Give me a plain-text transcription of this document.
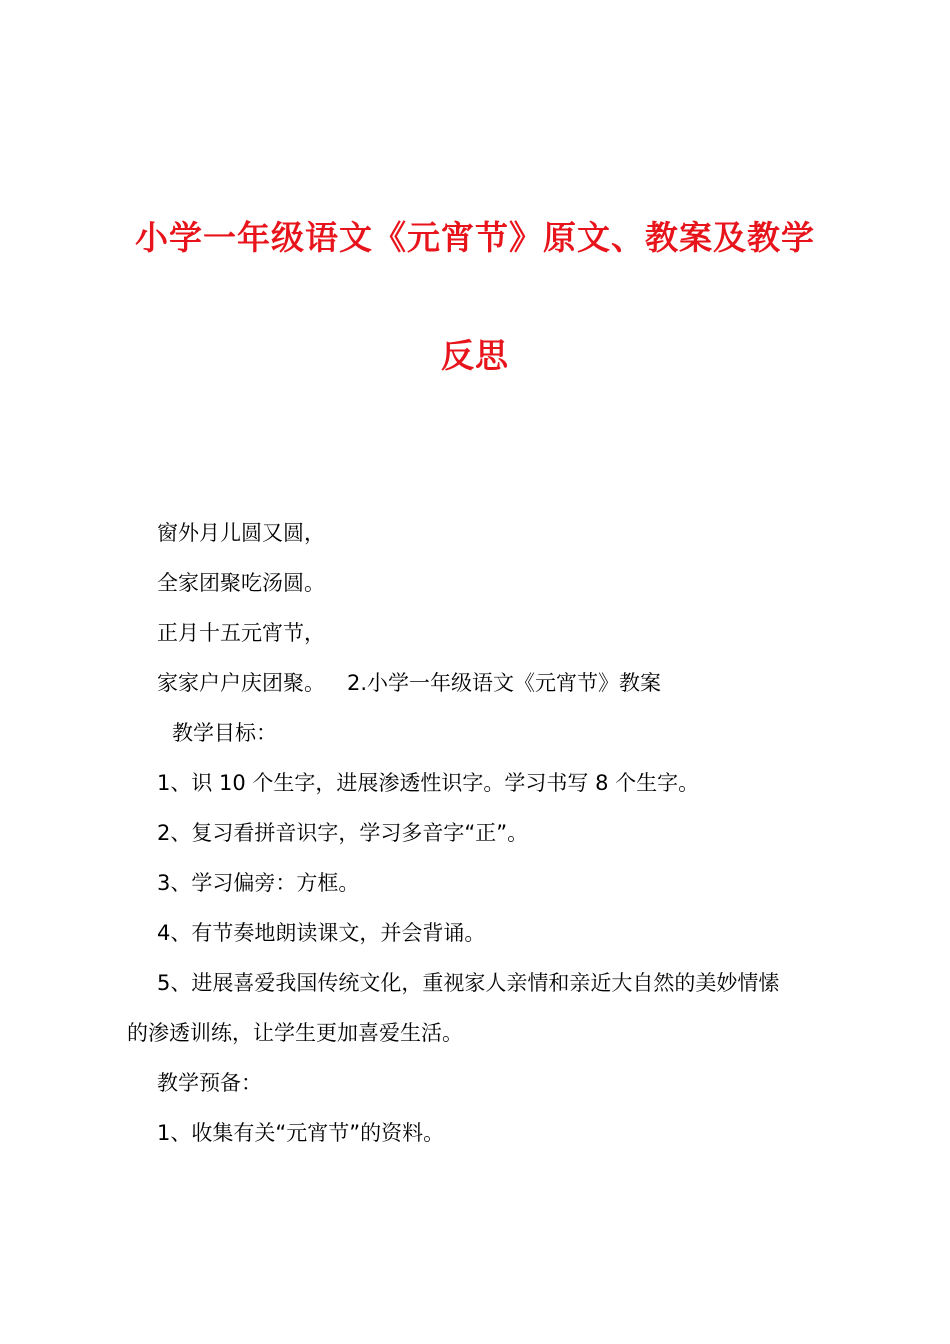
小学一年级语文《元宵节》原文、教案及教学
反思
窗外月儿圆又圆，
全家团聚吃汤圆。
正月十五元宵节，
家家户户庆团聚。 2.小学一年级语文《元宵节》教案
教学目标：
1、识 10 个生字，进展渗透性识字。学习书写 8 个生字。
2、复习看拼音识字，学习多音字“正”。
3、学习偏旁：方框。
4、有节奏地朗读课文，并会背诵。
5、进展喜爱我国传统文化，重视家人亲情和亲近大自然的美妙情愫
的渗透训练，让学生更加喜爱生活。
教学预备：
1、收集有关“元宵节”的资料。
